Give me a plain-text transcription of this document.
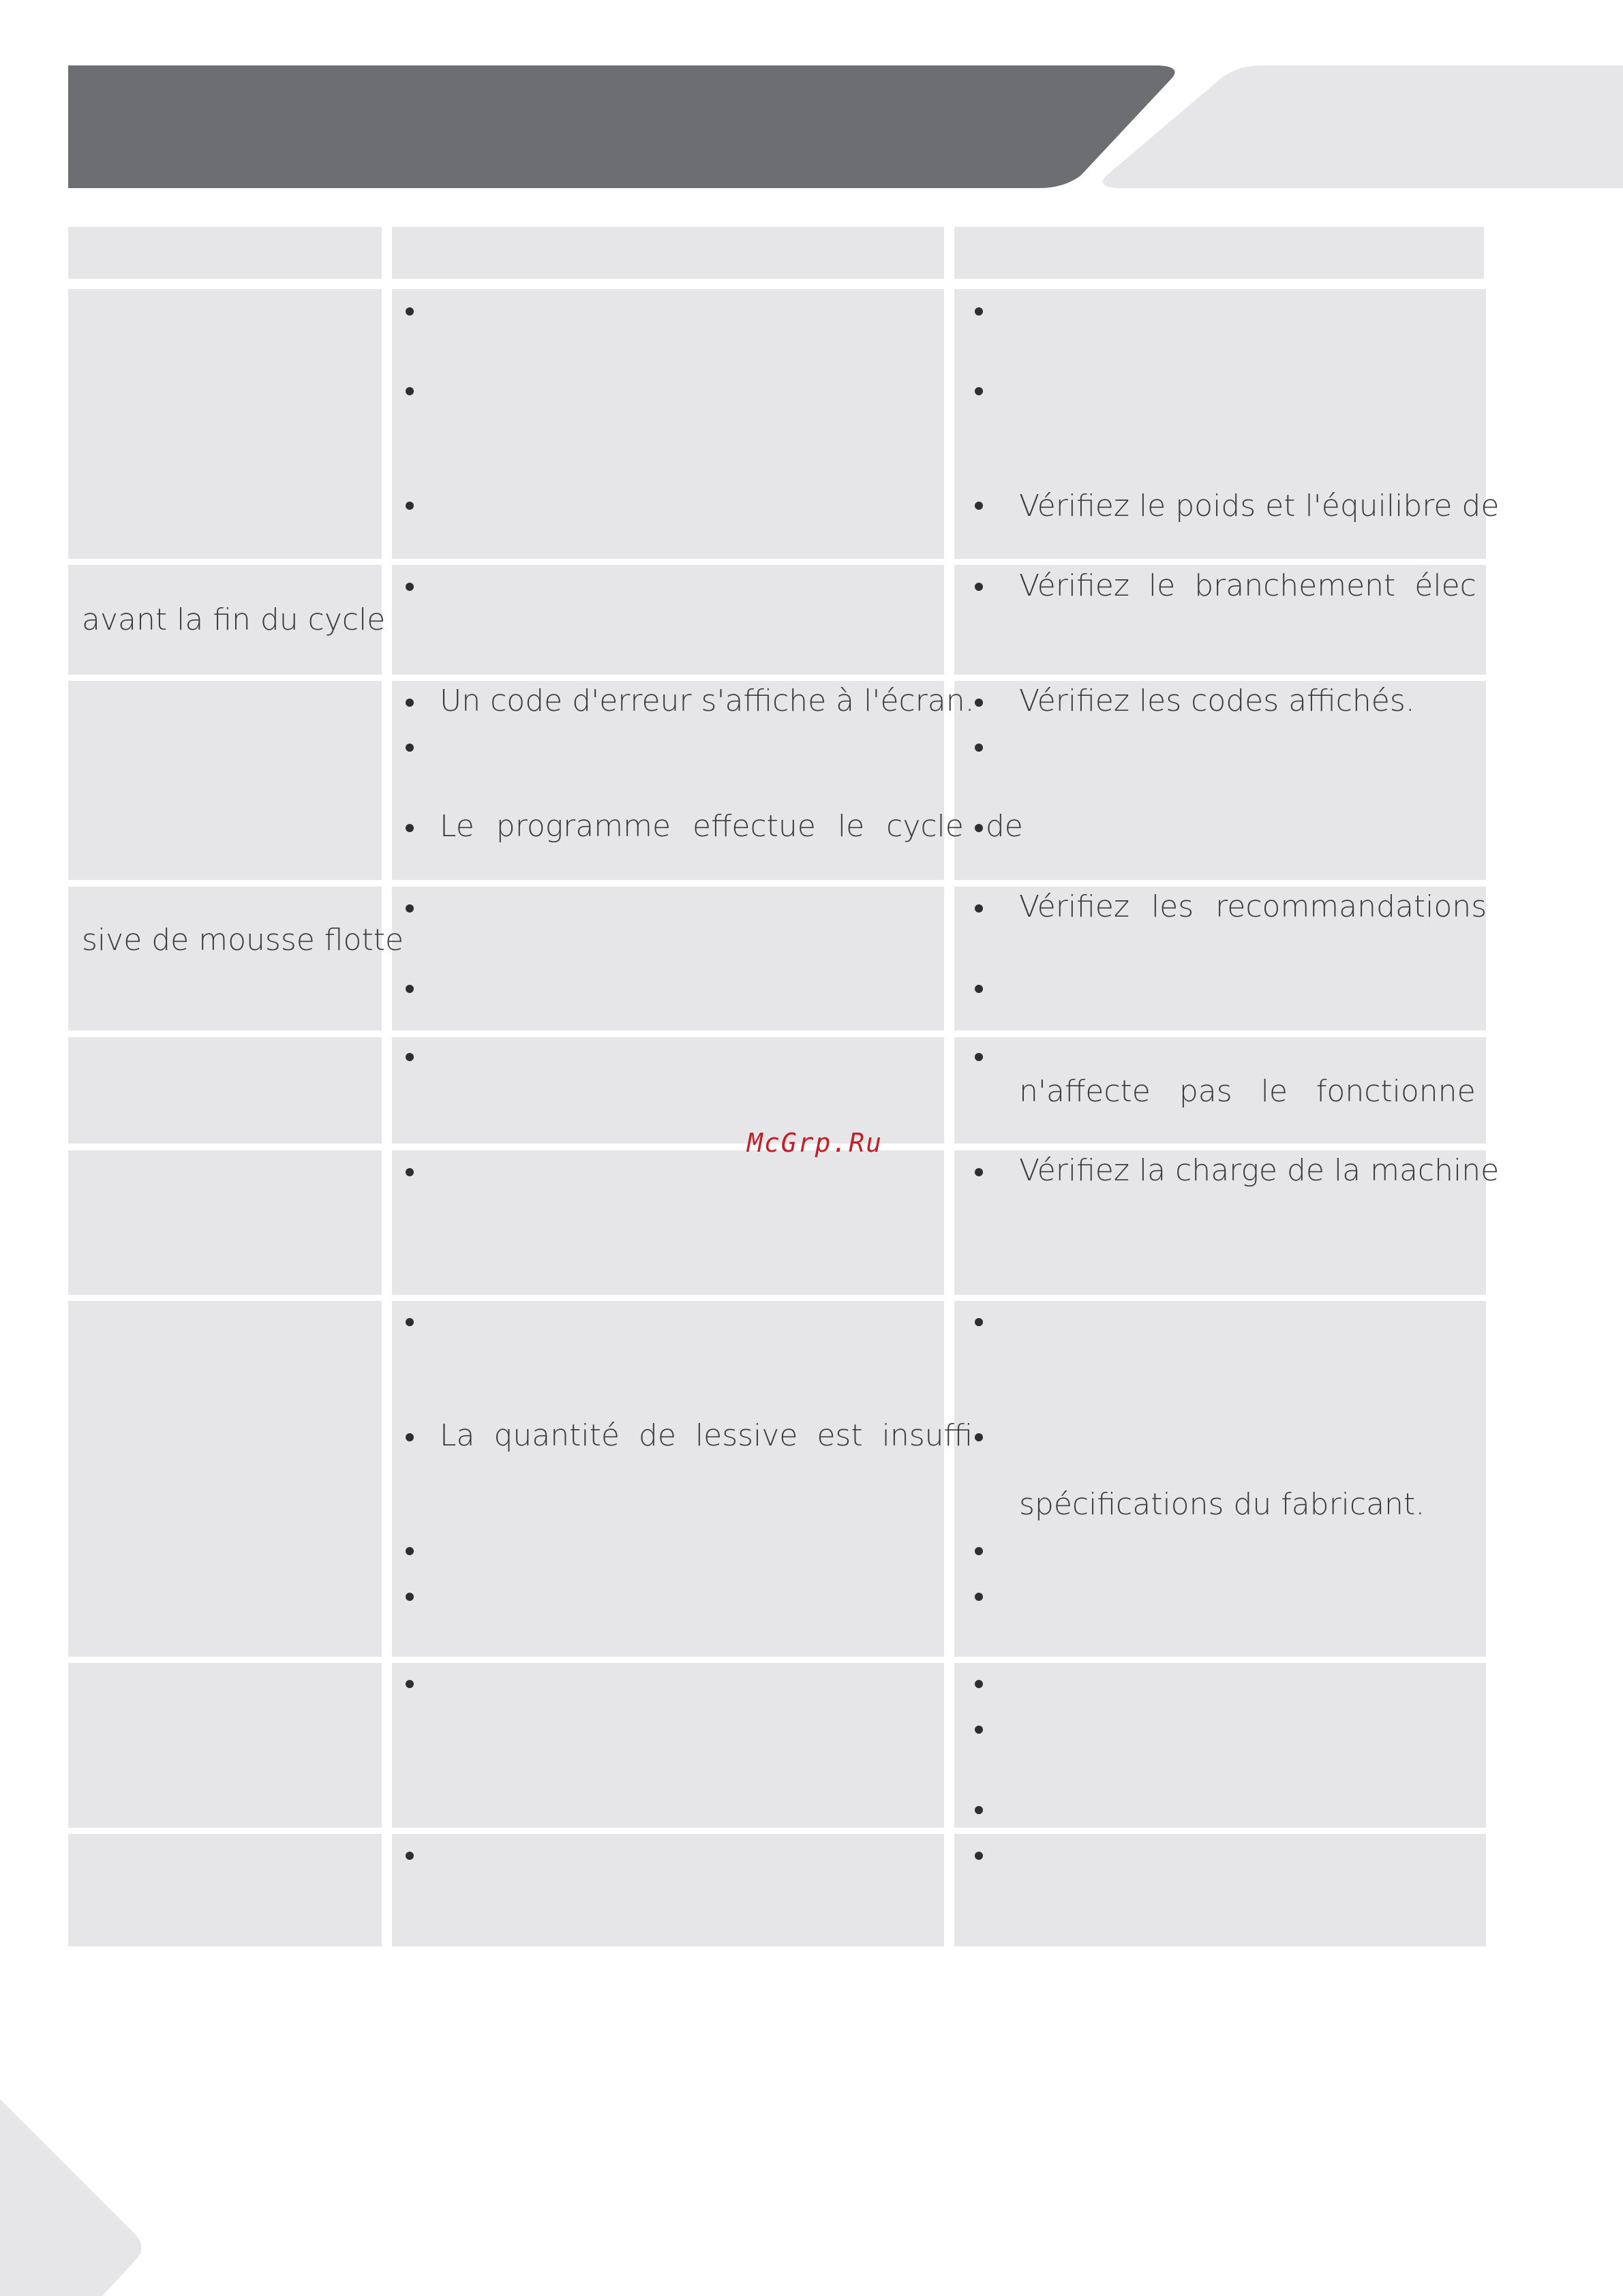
Vérifiez le poids et l'équilibre de
avant la fin du cycle
Vérifiez le branchement élec
Un code d'erreur s'affiche à l'écran.
Le programme effectue le cycle de
Vérifiez les codes affichés.
sive de mousse flotte
Vérifiez les recommandations
n'affecte pas le fonctionne
Vérifiez la charge de la machine
La quantité de lessive est insuffi
spécifications du fabricant.
McGrp.Ru
